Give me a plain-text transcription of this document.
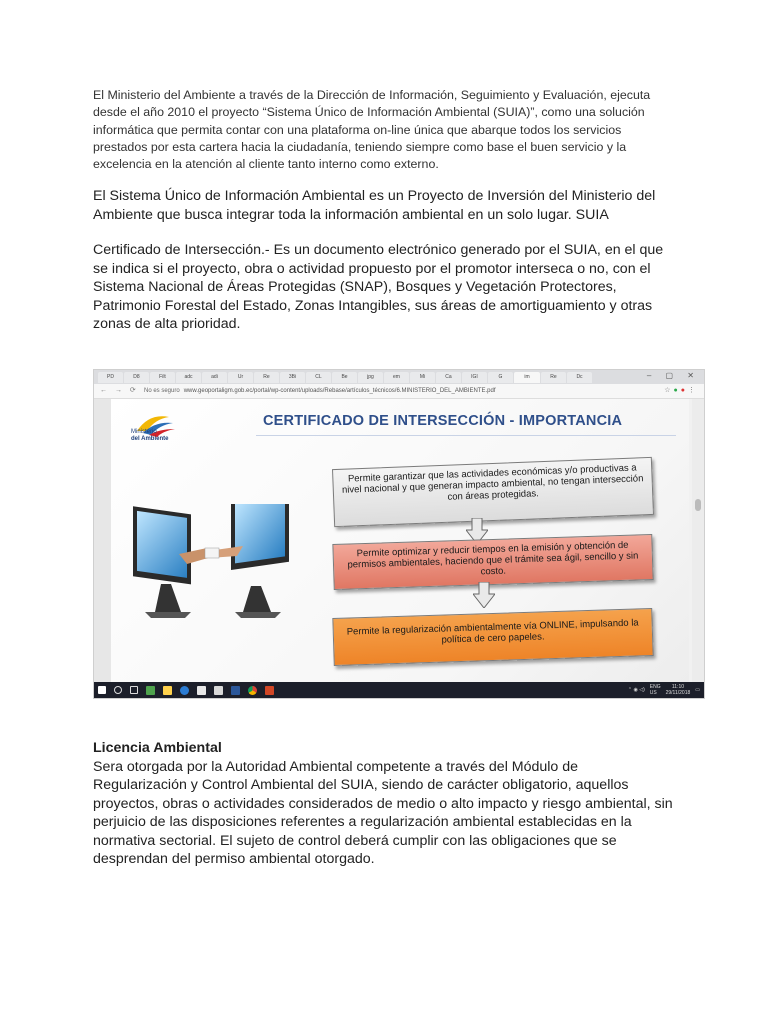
El Ministerio del Ambiente a través de la Dirección de Información, Seguimiento y Evaluación, ejecuta desde el año 2010 el proyecto “Sistema Único de Información Ambiental (SUIA)”, como una solución informática que permita contar con una plataforma on-line única que abarque todos los servicios prestados por esta cartera hacia la ciudadanía, teniendo siempre como base el buen servicio y la excelencia en la atención al cliente tanto interno como externo.

El Sistema Único de Información Ambiental es un Proyecto de Inversión del Ministerio del Ambiente que busca integrar toda la información ambiental en un solo lugar. SUIA

Certificado de Intersección.- Es un documento electrónico generado por el SUIA, en el que se indica si el proyecto, obra o actividad propuesto por el promotor interseca o no, con el Sistema Nacional de Áreas Protegidas (SNAP), Bosques y Vegetación Protectores, Patrimonio Forestal del Estado, Zonas Intangibles, sus áreas de amortiguamiento y otras zonas de alta prioridad.

PD	D8	Filt	adc	adi	Ur	Re	3Bi	CL	Be	jpg	em	Mi	Ca	IGI	G	im	Re	Dc	– ▢ ✕
← → ⟳ No es seguro www.geoportaligm.gob.ec/portal/wp-content/uploads/Rebase/artículos_técnicos/6.MINISTERIO_DEL_AMBIENTE.pdf	☆●●⋮
Ministerio
del Ambiente
CERTIFICADO DE INTERSECCIÓN - IMPORTANCIA
Permite garantizar que las actividades económicas y/o productivas a nivel nacional y que generan impacto ambiental, no tengan intersección con áreas protegidas.
Permite optimizar y reducir tiempos en la emisión y obtención de permisos ambientales, haciendo que el trámite sea ágil, sencillo y sin costo.
Permite la regularización ambientalmente vía ONLINE, impulsando la política de cero papeles.
⌃ ◉ ◁) ENG
US
11:10
29/11/2018 ▭

Licencia Ambiental
Sera otorgada por la Autoridad Ambiental competente a través del Módulo de Regularización y Control Ambiental del SUIA, siendo de carácter obligatorio, aquellos proyectos, obras o actividades considerados de medio o alto impacto y riesgo ambiental, sin perjuicio de las disposiciones referentes a regularización ambiental establecidas en la normativa sectorial. El sujeto de control deberá cumplir con las obligaciones que se desprendan del permiso ambiental otorgado.
